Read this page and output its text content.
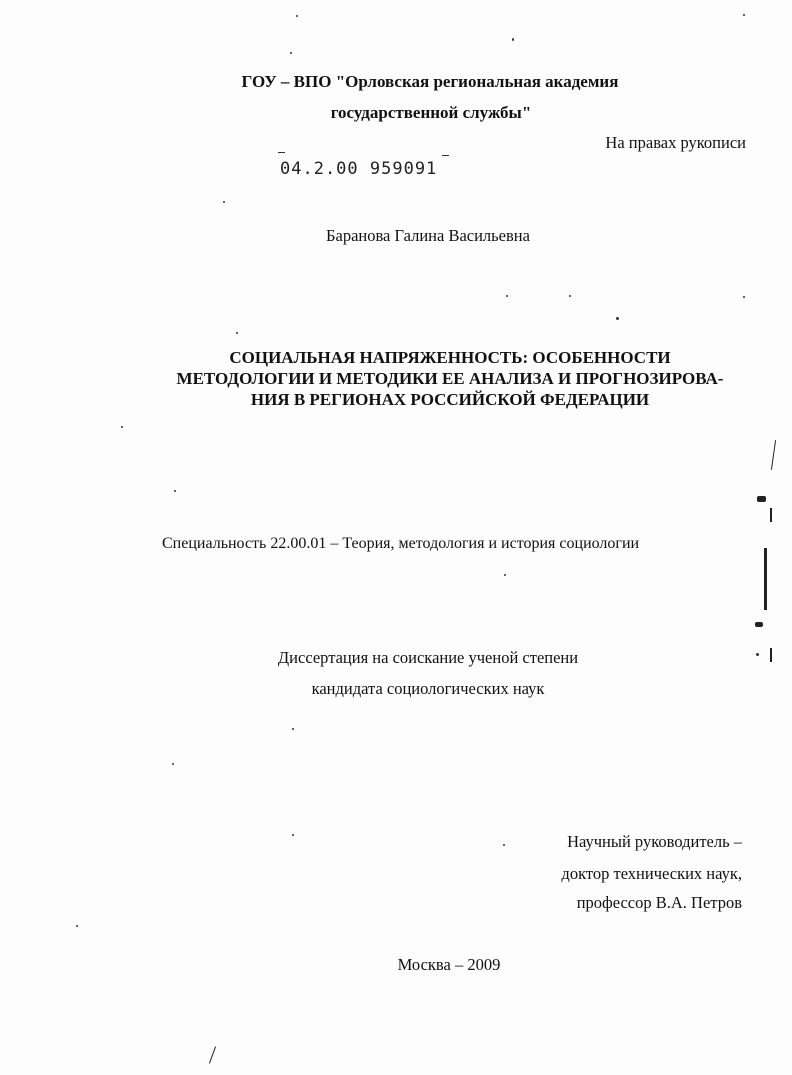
ГОУ – ВПО "Орловская региональная академия
государственной службы"
На правах рукописи
04.2.00 959091
Баранова Галина Васильевна
СОЦИАЛЬНАЯ НАПРЯЖЕННОСТЬ: ОСОБЕННОСТИ
МЕТОДОЛОГИИ И МЕТОДИКИ ЕЕ АНАЛИЗА И ПРОГНОЗИРОВА-
НИЯ В РЕГИОНАХ РОССИЙСКОЙ ФЕДЕРАЦИИ
Специальность 22.00.01 – Теория, методология и история социологии
Диссертация на соискание ученой степени
кандидата социологических наук
Научный руководитель –
доктор технических наук,
профессор В.А. Петров
Москва – 2009
